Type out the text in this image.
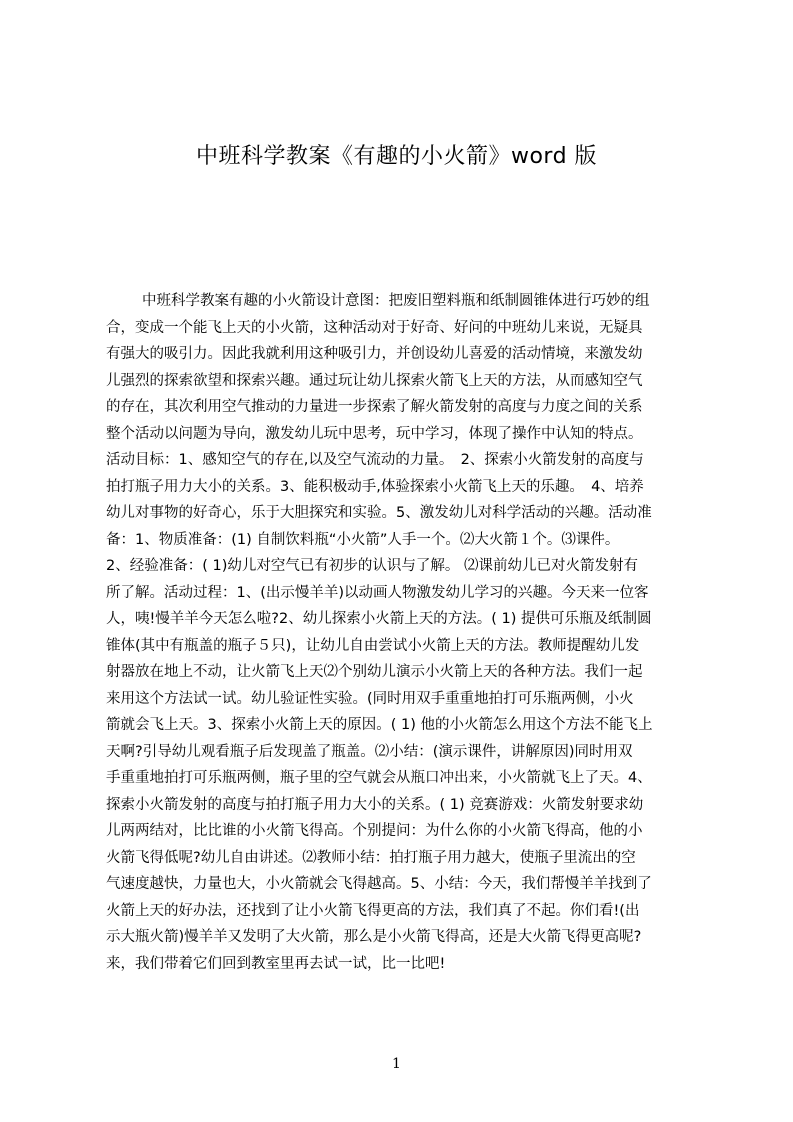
中班科学教案《有趣的小火箭》word 版
中班科学教案有趣的小火箭设计意图：把废旧塑料瓶和纸制圆锥体进行巧妙的组
合，变成一个能飞上天的小火箭，这种活动对于好奇、好问的中班幼儿来说，无疑具
有强大的吸引力。因此我就利用这种吸引力，并创设幼儿喜爱的活动情境，来激发幼
儿强烈的探索欲望和探索兴趣。通过玩让幼儿探索火箭飞上天的方法，从而感知空气
的存在，其次利用空气推动的力量进一步探索了解火箭发射的高度与力度之间的关系
整个活动以问题为导向，激发幼儿玩中思考，玩中学习，体现了操作中认知的特点。
活动目标：1、感知空气的存在,以及空气流动的力量。　2、探索小火箭发射的高度与
拍打瓶子用力大小的关系。3、能积极动手,体验探索小火箭飞上天的乐趣。　4、培养
幼儿对事物的好奇心，乐于大胆探究和实验。5、激发幼儿对科学活动的兴趣。活动准
备：1、物质准备：(1) 自制饮料瓶“小火箭”人手一个。⑵大火箭１个。⑶课件。
2、经验准备：( 1)幼儿对空气已有初步的认识与了解。 ⑵课前幼儿已对火箭发射有
所了解。活动过程：1、(出示慢羊羊)以动画人物激发幼儿学习的兴趣。今天来一位客
人，咦!慢羊羊今天怎么啦?2、幼儿探索小火箭上天的方法。( 1) 提供可乐瓶及纸制圆
锥体(其中有瓶盖的瓶子５只)，让幼儿自由尝试小火箭上天的方法。教师提醒幼儿发
射器放在地上不动，让火箭飞上天⑵个别幼儿演示小火箭上天的各种方法。我们一起
来用这个方法试一试。幼儿验证性实验。(同时用双手重重地拍打可乐瓶两侧，小火
箭就会飞上天。3、探索小火箭上天的原因。( 1) 他的小火箭怎么用这个方法不能飞上
天啊?引导幼儿观看瓶子后发现盖了瓶盖。⑵小结：(演示课件，讲解原因)同时用双
手重重地拍打可乐瓶两侧，瓶子里的空气就会从瓶口冲出来，小火箭就飞上了天。4、
探索小火箭发射的高度与拍打瓶子用力大小的关系。( 1) 竞赛游戏：火箭发射要求幼
儿两两结对，比比谁的小火箭飞得高。个别提问：为什么你的小火箭飞得高，他的小
火箭飞得低呢?幼儿自由讲述。⑵教师小结：拍打瓶子用力越大，使瓶子里流出的空
气速度越快，力量也大，小火箭就会飞得越高。5、小结：今天，我们帮慢羊羊找到了
火箭上天的好办法，还找到了让小火箭飞得更高的方法，我们真了不起。你们看!(出
示大瓶火箭)慢羊羊又发明了大火箭，那么是小火箭飞得高，还是大火箭飞得更高呢?
来，我们带着它们回到教室里再去试一试，比一比吧!
1
